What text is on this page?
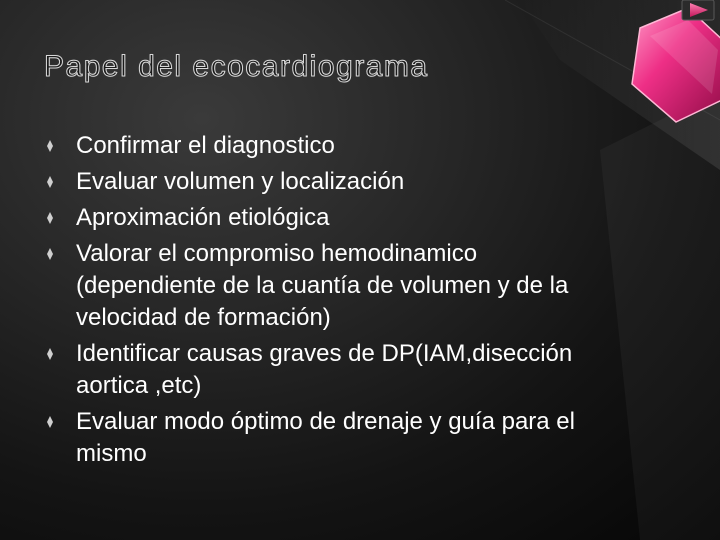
Papel del ecocardiograma
Confirmar el diagnostico
Evaluar volumen y localización
Aproximación etiológica
Valorar el compromiso hemodinamico (dependiente de la cuantía de volumen y de la velocidad de formación)
Identificar causas graves de DP(IAM,disección aortica ,etc)
Evaluar modo óptimo de drenaje y guía para el mismo
